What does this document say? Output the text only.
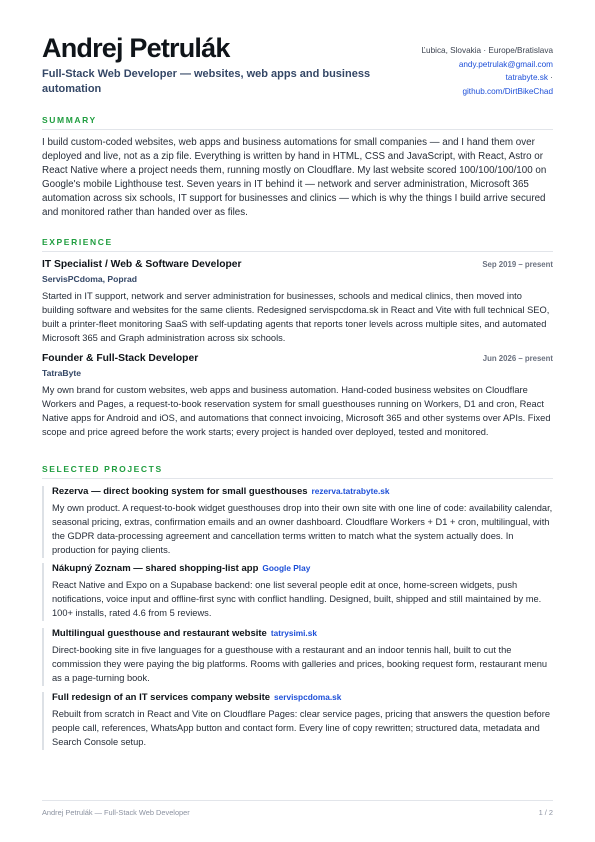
Andrej Petrulák

Full-Stack Web Developer — websites, web apps and business automation

Ľubica, Slovakia · Europe/Bratislava
andy.petrulak@gmail.com
tatrabyte.sk ·
github.com/DirtBikeChad
SUMMARY

I build custom-coded websites, web apps and business automations for small companies — and I hand them over deployed and live, not as a zip file. Everything is written by hand in HTML, CSS and JavaScript, with React, Astro or React Native where a project needs them, running mostly on Cloudflare. My last website scored 100/100/100/100 on Google's mobile Lighthouse test. Seven years in IT behind it — network and server administration, Microsoft 365 automation across six schools, IT support for businesses and clinics — which is why the things I build arrive secured and monitored rather than handed over as files.

EXPERIENCE
IT Specialist / Web & Software Developer	Sep 2019 – present
ServisPCdoma, Poprad

Started in IT support, network and server administration for businesses, schools and medical clinics, then moved into building software and websites for the same clients. Redesigned servispcdoma.sk in React and Vite with full technical SEO, built a printer-fleet monitoring SaaS with self-updating agents that reports toner levels across multiple sites, and automated Microsoft 365 and Graph administration across six schools.

Founder & Full-Stack Developer	Jun 2026 – present
TatraByte

My own brand for custom websites, web apps and business automation. Hand-coded business websites on Cloudflare Workers and Pages, a request-to-book reservation system for small guesthouses running on Workers, D1 and cron, React Native apps for Android and iOS, and automations that connect invoicing, Microsoft 365 and other systems over APIs. Fixed scope and price agreed before the work starts; every project is handed over deployed, tested and monitored.

SELECTED PROJECTS
Rezerva — direct booking system for small guesthouses rezerva.tatrabyte.sk

My own product. A request-to-book widget guesthouses drop into their own site with one line of code: availability calendar, seasonal pricing, extras, confirmation emails and an owner dashboard. Cloudflare Workers + D1 + cron, multilingual, with the GDPR data-processing agreement and cancellation terms written to match what the system actually does. In production for paying clients.

Nákupný Zoznam — shared shopping-list app Google Play

React Native and Expo on a Supabase backend: one list several people edit at once, home-screen widgets, push notifications, voice input and offline-first sync with conflict handling. Designed, built, shipped and still maintained by me. 100+ installs, rated 4.6 from 5 reviews.

Multilingual guesthouse and restaurant website tatrysimi.sk

Direct-booking site in five languages for a guesthouse with a restaurant and an indoor tennis hall, built to cut the commission they were paying the big platforms. Rooms with galleries and prices, booking request form, restaurant menu as a page-turning book.

Full redesign of an IT services company website servispcdoma.sk

Rebuilt from scratch in React and Vite on Cloudflare Pages: clear service pages, pricing that answers the question before people call, references, WhatsApp button and contact form. Every line of copy rewritten; structured data, metadata and Search Console setup.

Andrej Petrulák — Full-Stack Web Developer	1 / 2
